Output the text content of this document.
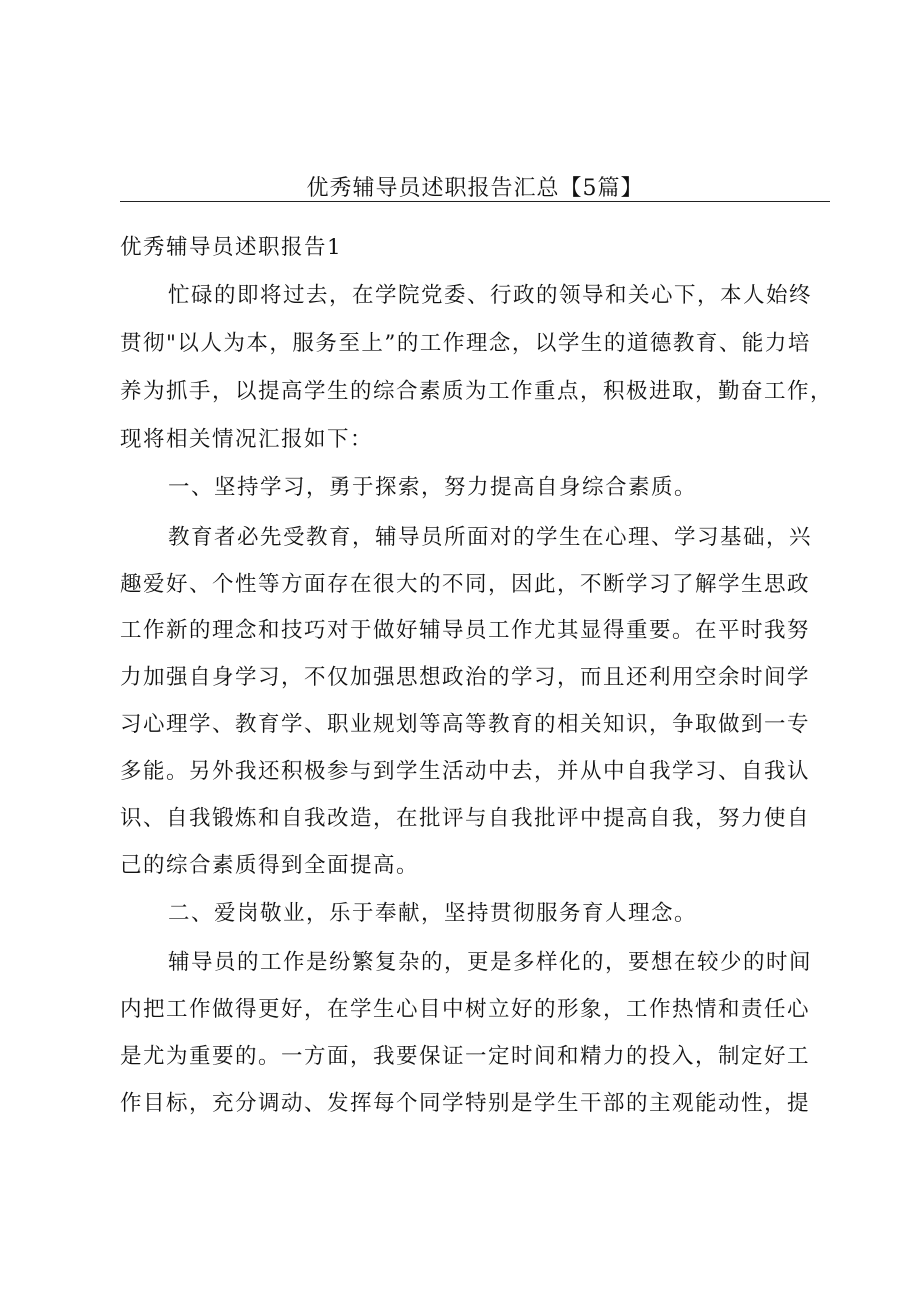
优秀辅导员述职报告汇总【5篇】
优秀辅导员述职报告1
忙碌的即将过去，在学院党委、行政的领导和关心下，本人始终
贯彻"以人为本，服务至上”的工作理念，以学生的道德教育、能力培
养为抓手，以提高学生的综合素质为工作重点，积极进取，勤奋工作，
现将相关情况汇报如下：
一、坚持学习，勇于探索，努力提高自身综合素质。
教育者必先受教育，辅导员所面对的学生在心理、学习基础，兴
趣爱好、个性等方面存在很大的不同，因此，不断学习了解学生思政
工作新的理念和技巧对于做好辅导员工作尤其显得重要。在平时我努
力加强自身学习，不仅加强思想政治的学习，而且还利用空余时间学
习心理学、教育学、职业规划等高等教育的相关知识，争取做到一专
多能。另外我还积极参与到学生活动中去，并从中自我学习、自我认
识、自我锻炼和自我改造，在批评与自我批评中提高自我，努力使自
己的综合素质得到全面提高。
二、爱岗敬业，乐于奉献，坚持贯彻服务育人理念。
辅导员的工作是纷繁复杂的，更是多样化的，要想在较少的时间
内把工作做得更好，在学生心目中树立好的形象，工作热情和责任心
是尤为重要的。一方面，我要保证一定时间和精力的投入，制定好工
作目标，充分调动、发挥每个同学特别是学生干部的主观能动性，提
